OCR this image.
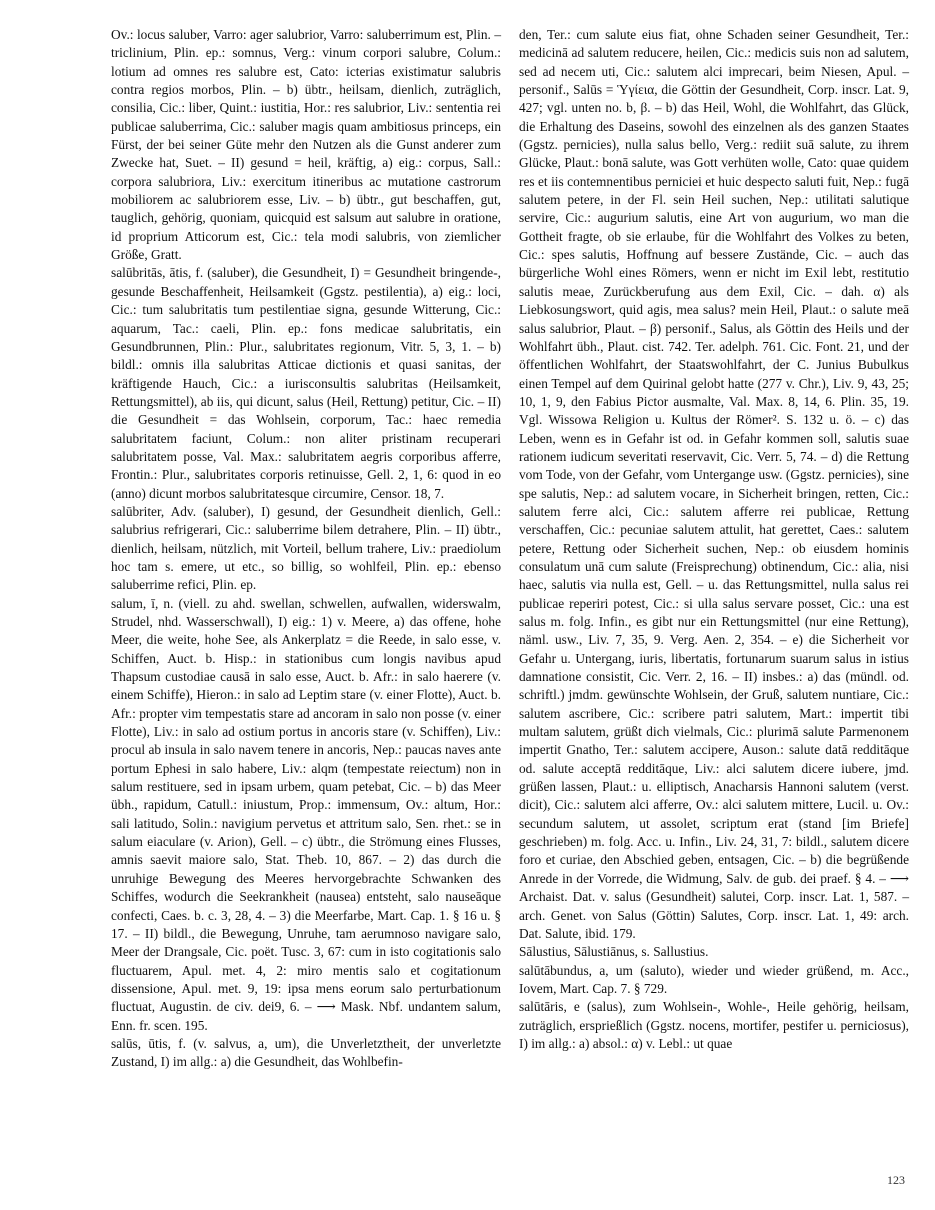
Ov.: locus saluber, Varro: ager salubrior, Varro: saluberrimum est, Plin. – triclinium, Plin. ep.: somnus, Verg.: vinum corpori salubre, Colum.: lotium ad omnes res salubre est, Cato: icterias existimatur salubris contra regios morbos, Plin. – b) übtr., heilsam, dienlich, zuträglich, consilia, Cic.: liber, Quint.: iustitia, Hor.: res salubrior, Liv.: sententia rei publicae saluberrima, Cic.: saluber magis quam ambitiosus princeps, ein Fürst, der bei seiner Güte mehr den Nutzen als die Gunst anderer zum Zwecke hat, Suet. – II) gesund = heil, kräftig, a) eig.: corpus, Sall.: corpora salubriora, Liv.: exercitum itineribus ac mutatione castrorum mobiliorem ac salubriorem esse, Liv. – b) übtr., gut beschaffen, gut, tauglich, gehörig, quoniam, quicquid est salsum aut salubre in oratione, id proprium Atticorum est, Cic.: tela modi salubris, von ziemlicher Größe, Gratt.

salūbritās, ātis, f. (saluber), die Gesundheit, I) = Gesundheit bringende-, gesunde Beschaffenheit, Heilsamkeit (Ggstz. pestilentia), a) eig.: loci, Cic.: tum salubritatis tum pestilentiae signa, gesunde Witterung, Cic.: aquarum, Tac.: caeli, Plin. ep.: fons medicae salubritatis, ein Gesundbrunnen, Plin.: Plur., salubritates regionum, Vitr. 5, 3, 1. – b) bildl.: omnis illa salubritas Atticae dictionis et quasi sanitas, der kräftigende Hauch, Cic.: a iurisconsultis salubritas (Heilsamkeit, Rettungsmittel), ab iis, qui dicunt, salus (Heil, Rettung) petitur, Cic. – II) die Gesundheit = das Wohlsein, corporum, Tac.: haec remedia salubritatem faciunt, Colum.: non aliter pristinam recuperari salubritatem posse, Val. Max.: salubritatem aegris corporibus afferre, Frontin.: Plur., salubritates corporis retinuisse, Gell. 2, 1, 6: quod in eo (anno) dicunt morbos salubritatesque circumire, Censor. 18, 7.

salūbriter, Adv. (saluber), I) gesund, der Gesundheit dienlich, Gell.: salubrius refrigerari, Cic.: saluberrime bilem detrahere, Plin. – II) übtr., dienlich, heilsam, nützlich, mit Vorteil, bellum trahere, Liv.: praediolum hoc tam s. emere, ut etc., so billig, so wohlfeil, Plin. ep.: ebenso saluberrime refici, Plin. ep.

salum, ī, n. (viell. zu ahd. swellan, schwellen, aufwallen, widerswalm, Strudel, nhd. Wasserschwall), I) eig.: 1) v. Meere, a) das offene, hohe Meer, die weite, hohe See, als Ankerplatz = die Reede, in salo esse, v. Schiffen, Auct. b. Hisp.: in stationibus cum longis navibus apud Thapsum custodiae causā in salo esse, Auct. b. Afr.: in salo haerere (v. einem Schiffe), Hieron.: in salo ad Leptim stare (v. einer Flotte), Auct. b. Afr.: propter vim tempestatis stare ad ancoram in salo non posse (v. einer Flotte), Liv.: in salo ad ostium portus in ancoris stare (v. Schiffen), Liv.: procul ab insula in salo navem tenere in ancoris, Nep.: paucas naves ante portum Ephesi in salo habere, Liv.: alqm (tempestate reiectum) non in salum restituere, sed in ipsam urbem, quam petebat, Cic. – b) das Meer übh., rapidum, Catull.: iniustum, Prop.: immensum, Ov.: altum, Hor.: sali latitudo, Solin.: navigium pervetus et attritum salo, Sen. rhet.: se in salum eiaculare (v. Arion), Gell. – c) übtr., die Strömung eines Flusses, amnis saevit maiore salo, Stat. Theb. 10, 867. – 2) das durch die unruhige Bewegung des Meeres hervorgebrachte Schwanken des Schiffes, wodurch die Seekrankheit (nausea) entsteht, salo nauseāque confecti, Caes. b. c. 3, 28, 4. – 3) die Meerfarbe, Mart. Cap. 1. § 16 u. § 17. – II) bildl., die Bewegung, Unruhe, tam aerumnoso navigare salo, Meer der Drangsale, Cic. poët. Tusc. 3, 67: cum in isto cogitationis salo fluctuarem, Apul. met. 4, 2: miro mentis salo et cogitationum dissensione, Apul. met. 9, 19: ipsa mens eorum salo perturbationum fluctuat, Augustin. de civ. dei9, 6. – ⟶ Mask. Nbf. undantem salum, Enn. fr. scen. 195.

salūs, ūtis, f. (v. salvus, a, um), die Unverletztheit, der unverletzte Zustand, I) im allg.: a) die Gesundheit, das Wohlbefin-

den, Ter.: cum salute eius fiat, ohne Schaden seiner Gesundheit, Ter.: medicinā ad salutem reducere, heilen, Cic.: medicis suis non ad salutem, sed ad necem uti, Cic.: salutem alci imprecari, beim Niesen, Apul. – personif., Salūs = Ὑγίεια, die Göttin der Gesundheit, Corp. inscr. Lat. 9, 427; vgl. unten no. b, β. – b) das Heil, Wohl, die Wohlfahrt, das Glück, die Erhaltung des Daseins, sowohl des einzelnen als des ganzen Staates (Ggstz. pernicies), nulla salus bello, Verg.: rediit suā salute, zu ihrem Glücke, Plaut.: bonā salute, was Gott verhüten wolle, Cato: quae quidem res et iis contemnentibus perniciei et huic despecto saluti fuit, Nep.: fugā salutem petere, in der Fl. sein Heil suchen, Nep.: utilitati salutique servire, Cic.: augurium salutis, eine Art von augurium, wo man die Gottheit fragte, ob sie erlaube, für die Wohlfahrt des Volkes zu beten, Cic.: spes salutis, Hoffnung auf bessere Zustände, Cic. – auch das bürgerliche Wohl eines Römers, wenn er nicht im Exil lebt, restitutio salutis meae, Zurückberufung aus dem Exil, Cic. – dah. α) als Liebkosungswort, quid agis, mea salus? mein Heil, Plaut.: o salute meā salus salubrior, Plaut. – β) personif., Salus, als Göttin des Heils und der Wohlfahrt übh., Plaut. cist. 742. Ter. adelph. 761. Cic. Font. 21, und der öffentlichen Wohlfahrt, der Staatswohlfahrt, der C. Junius Bubulkus einen Tempel auf dem Quirinal gelobt hatte (277 v. Chr.), Liv. 9, 43, 25; 10, 1, 9, den Fabius Pictor ausmalte, Val. Max. 8, 14, 6. Plin. 35, 19. Vgl. Wissowa Religion u. Kultus der Römer². S. 132 u. ö. – c) das Leben, wenn es in Gefahr ist od. in Gefahr kommen soll, salutis suae rationem iudicum severitati reservavit, Cic. Verr. 5, 74. – d) die Rettung vom Tode, von der Gefahr, vom Untergange usw. (Ggstz. pernicies), sine spe salutis, Nep.: ad salutem vocare, in Sicherheit bringen, retten, Cic.: salutem ferre alci, Cic.: salutem afferre rei publicae, Rettung verschaffen, Cic.: pecuniae salutem attulit, hat gerettet, Caes.: salutem petere, Rettung oder Sicherheit suchen, Nep.: ob eiusdem hominis consulatum unā cum salute (Freisprechung) obtinendum, Cic.: alia, nisi haec, salutis via nulla est, Gell. – u. das Rettungsmittel, nulla salus rei publicae reperiri potest, Cic.: si ulla salus servare posset, Cic.: una est salus m. folg. Infin., es gibt nur ein Rettungsmittel (nur eine Rettung), näml. usw., Liv. 7, 35, 9. Verg. Aen. 2, 354. – e) die Sicherheit vor Gefahr u. Untergang, iuris, libertatis, fortunarum suarum salus in istius damnatione consistit, Cic. Verr. 2, 16. – II) insbes.: a) das (mündl. od. schriftl.) jmdm. gewünschte Wohlsein, der Gruß, salutem nuntiare, Cic.: salutem ascribere, Cic.: scribere patri salutem, Mart.: impertit tibi multam salutem, grüßt dich vielmals, Cic.: plurimā salute Parmenonem impertit Gnatho, Ter.: salutem accipere, Auson.: salute datā redditāque od. salute acceptā redditāque, Liv.: alci salutem dicere iubere, jmd. grüßen lassen, Plaut.: u. elliptisch, Anacharsis Hannoni salutem (verst. dicit), Cic.: salutem alci afferre, Ov.: alci salutem mittere, Lucil. u. Ov.: secundum salutem, ut assolet, scriptum erat (stand [im Briefe] geschrieben) m. folg. Acc. u. Infin., Liv. 24, 31, 7: bildl., salutem dicere foro et curiae, den Abschied geben, entsagen, Cic. – b) die begrüßende Anrede in der Vorrede, die Widmung, Salv. de gub. dei praef. § 4. – ⟶ Archaist. Dat. v. salus (Gesundheit) salutei, Corp. inscr. Lat. 1, 587. – arch. Genet. von Salus (Göttin) Salutes, Corp. inscr. Lat. 1, 49: arch. Dat. Salute, ibid. 179.

Sālustius, Sālustiānus, s. Sallustius.

salūtābundus, a, um (saluto), wieder und wieder grüßend, m. Acc., Iovem, Mart. Cap. 7. § 729.

salūtāris, e (salus), zum Wohlsein-, Wohle-, Heile gehörig, heilsam, zuträglich, ersprießlich (Ggstz. nocens, mortifer, pestifer u. perniciosus), I) im allg.: a) absol.: α) v. Lebl.: ut quae

123
